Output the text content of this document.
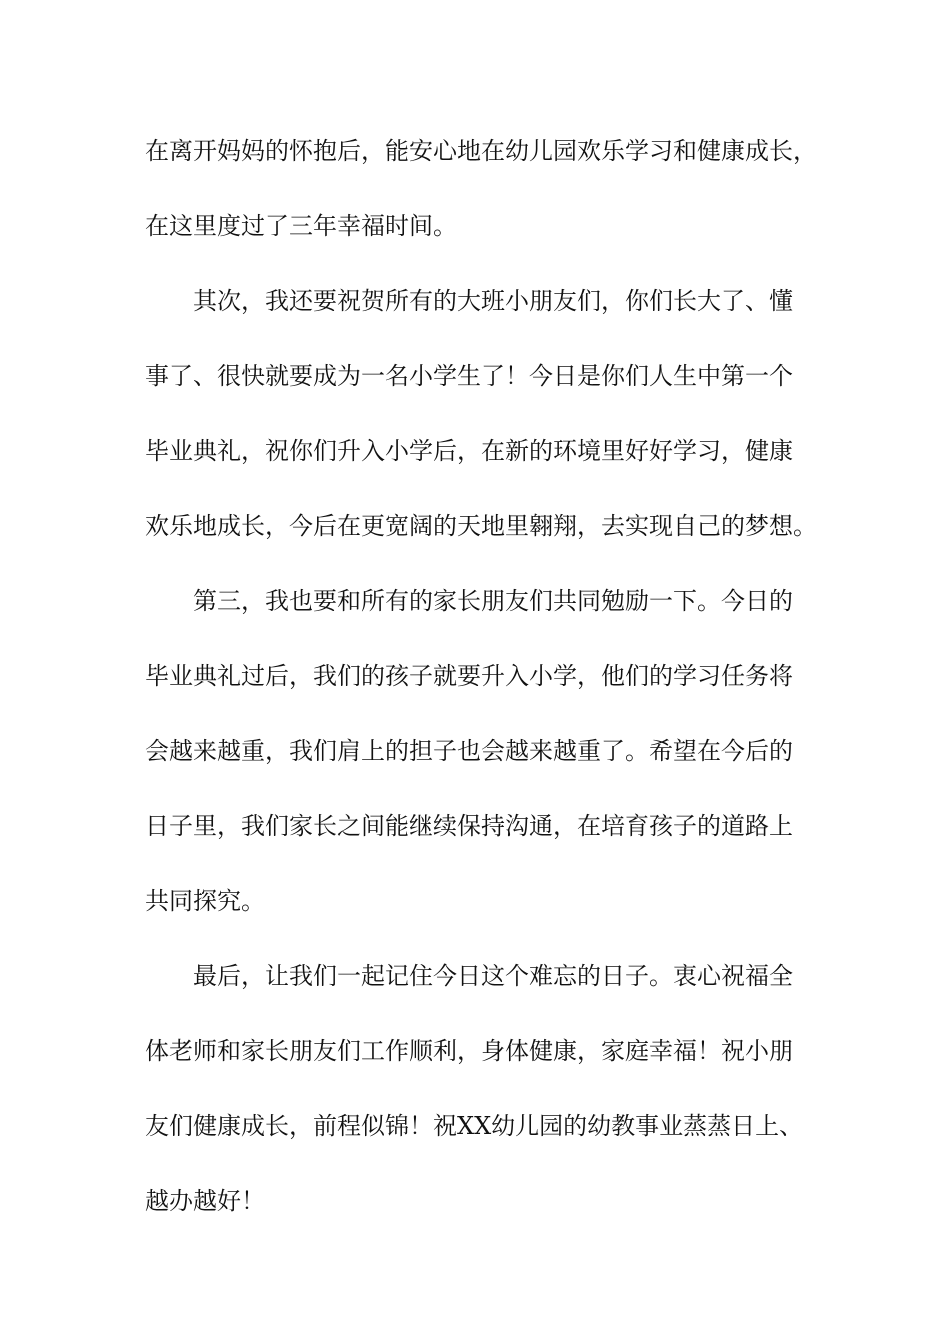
在离开妈妈的怀抱后，能安心地在幼儿园欢乐学习和健康成长，
在这里度过了三年幸福时间。
其次，我还要祝贺所有的大班小朋友们，你们长大了、懂
事了、很快就要成为一名小学生了！今日是你们人生中第一个
毕业典礼，祝你们升入小学后，在新的环境里好好学习，健康
欢乐地成长，今后在更宽阔的天地里翱翔，去实现自己的梦想。
第三，我也要和所有的家长朋友们共同勉励一下。今日的
毕业典礼过后，我们的孩子就要升入小学，他们的学习任务将
会越来越重，我们肩上的担子也会越来越重了。希望在今后的
日子里，我们家长之间能继续保持沟通，在培育孩子的道路上
共同探究。
最后，让我们一起记住今日这个难忘的日子。衷心祝福全
体老师和家长朋友们工作顺利，身体健康，家庭幸福！祝小朋
友们健康成长，前程似锦！祝XX幼儿园的幼教事业蒸蒸日上、
越办越好！
